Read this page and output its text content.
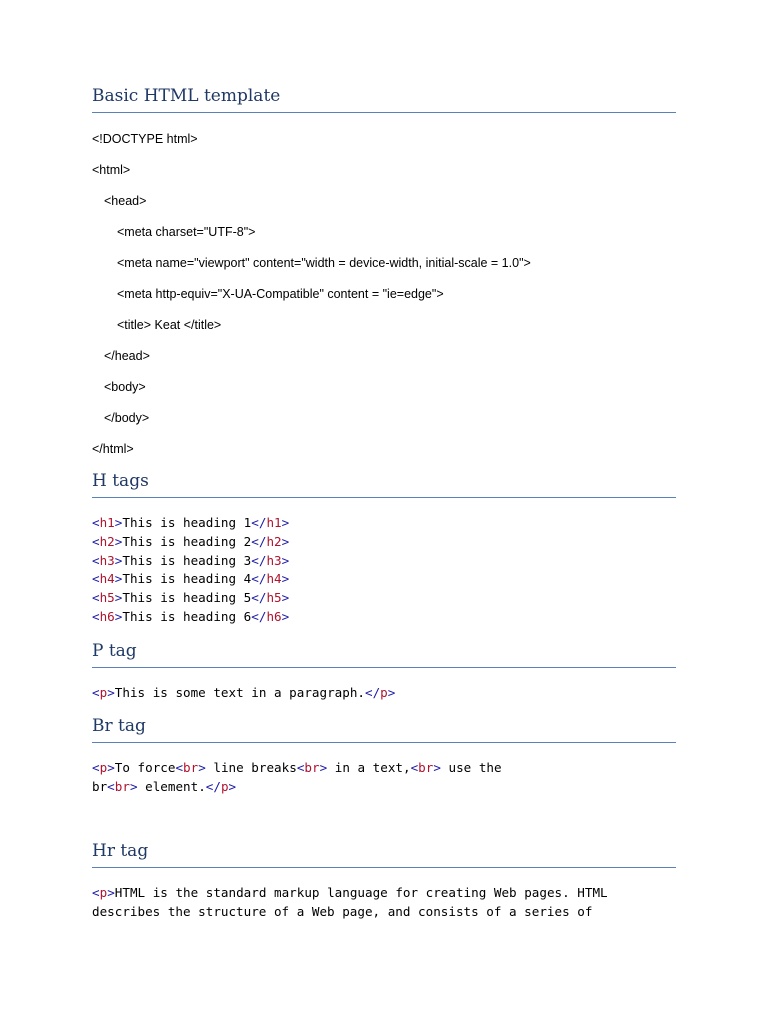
Basic HTML template
<!DOCTYPE html>
<html>
<head>
<meta charset="UTF-8">
<meta name="viewport" content="width = device-width, initial-scale = 1.0">
<meta http-equiv="X-UA-Compatible" content = "ie=edge">
<title> Keat </title>
</head>
<body>
</body>
</html>
H tags
<h1>This is heading 1</h1>
<h2>This is heading 2</h2>
<h3>This is heading 3</h3>
<h4>This is heading 4</h4>
<h5>This is heading 5</h5>
<h6>This is heading 6</h6>
P tag
<p>This is some text in a paragraph.</p>
Br tag
<p>To force<br> line breaks<br> in a text,<br> use the
br<br> element.</p>
Hr tag
<p>HTML is the standard markup language for creating Web pages. HTML
describes the structure of a Web page, and consists of a series of
